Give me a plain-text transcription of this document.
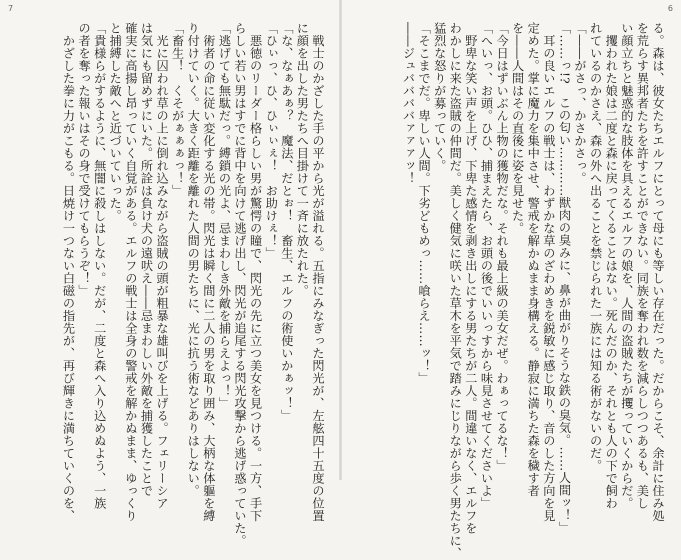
7
　戦士のかざした手の平から光が溢れる。五指にみなぎった閃光が、左舷四十五度の位置
に顔を出した男たちへ目掛けて一斉に放たれた。
「な、なぁあぁ？　魔法、だとぉ！　畜生、エルフの術使いかぁッ！」
「ひぃっ、ひ、ひぃぃぇ！　お助けぇ！」
　悪徳のリーダー格らしい男が驚愕の瞳で、閃光の先に立つ美女を見つける。一方、手下
らしい若い男はすでに背中を向けて逃げ出し、閃光が追尾する閃光攻撃から逃げ惑っていた。
「逃げても無駄だっ。縛鎖の光よ、忌まわしき外敵を捕らえよっ！」
　術者の命に従い変化する光の帯。閃光は瞬く間に二人の男を取り囲み、大柄な体軀を縛
り付けていく。大きく距離を離れた人間の男たちに、光に抗う術などありはしない。
「畜生！　くそがぁぁぁっ！」
　光に囚われ草の上に倒れ込みながら盗賊の頭が粗暴な雄叫びを上げる。フェリーシア
は気にも留めずにいた。所詮は負け犬の遠吠え――忌まわしい外敵を捕獲したことで
確実に高揚し昂っていく自覚がある。エルフの戦士は全身の警戒を解かぬまま、ゆっくり
と捕縛した敵へと近づいていった。
「貴様らがするように、無闇に殺しはしない。だが、二度と森へ入り込めぬよう、一族
の者を奪った報いはその身で受けてもらうぞ！」
　かざした拳に力がこもる。日焼け一つない白磁の指先が、再び輝きに満ちていくのを、
6
る。森は、彼女たちエルフにとって母にも等しい存在だった。だからこそ、余計に住み処
を荒らす異邦者たちを許すことができない。同族を奪われ数を減らしつつあるも、美し
い顔立ちと魅惑的な肢体を具えるエルフの娘を、人間の盗賊たちが攫っていくからだ。
　攫われた娘は二度と森に戻ってくることはない。死んだのか、それとも人の下で飼わ
れているのかさえ、森の外へ出ることを禁じられた一族には知る術がないのだ。
「――がさっ、かさかさっ。
「……っ!?　この匂い…………獣肉の臭みに、鼻が曲がりそうな鉄の臭気。……人間ッ！」
　耳の良いエルフの戦士は、わずかな草のざわめきを鋭敏に感じ取り、音のした方向を見
定めた。掌に魔力を集中させ、警戒を解かぬまま身構える。静寂に満ちた森を穢す者
を――人間はその直後に姿を見せた。
「今日はずいぶん上物の獲物だな。それも最上級の美女だぜ。わぁってるな！」
「へいっ、お頭。ひひ、捕まえたら、お頭の後でいいっすから味見させてくださいよ」
　野卑な笑い声を上げ、下卑た感情を剥き出しにする男たちが二人。間違いなく、エルフを
わかしに来た盗賊の仲間だ。美しく健気に咲いた草木を平気で踏みにじりながら歩く男たちに、
猛烈な怒りが募っていく。
「そこまでだ。卑しい人間。下劣どもめっ……喰らえ……ッ！」
――ジュババババァァァッ！
